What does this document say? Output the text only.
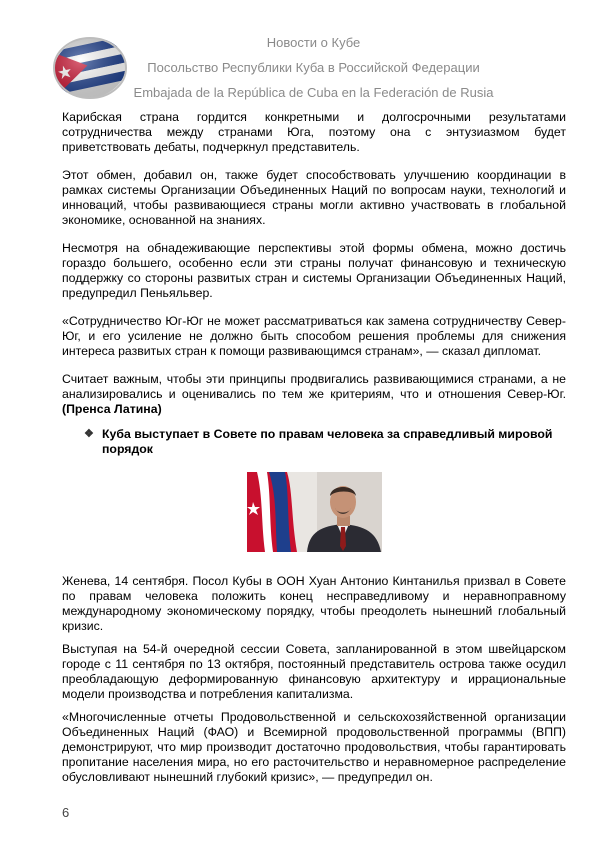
Новости о Кубе
Посольство Республики Куба в Российской Федерации
Embajada de la República de Cuba en la Federación de Rusia

Карибская страна гордится конкретными и долгосрочными результатами сотрудничества между странами Юга, поэтому она с энтузиазмом будет приветствовать дебаты, подчеркнул представитель.

Этот обмен, добавил он, также будет способствовать улучшению координации в рамках системы Организации Объединенных Наций по вопросам науки, технологий и инноваций, чтобы развивающиеся страны могли активно участвовать в глобальной экономике, основанной на знаниях.

Несмотря на обнадеживающие перспективы этой формы обмена, можно достичь гораздо большего, особенно если эти страны получат финансовую и техническую поддержку со стороны развитых стран и системы Организации Объединенных Наций, предупредил Пеньяльвер.

«Сотрудничество Юг-Юг не может рассматриваться как замена сотрудничеству Север-Юг, и его усиление не должно быть способом решения проблемы для снижения интереса развитых стран к помощи развивающимся странам», — сказал дипломат.

Считает важным, чтобы эти принципы продвигались развивающимися странами, а не анализировались и оценивались по тем же критериям, что и отношения Север-Юг. (Пренса Латина)

❖ Куба выступает в Совете по правам человека за справедливый мировой порядок

Женева, 14 сентября. Посол Кубы в ООН Хуан Антонио Кинтанилья призвал в Совете по правам человека положить конец несправедливому и неравноправному международному экономическому порядку, чтобы преодолеть нынешний глобальный кризис.

Выступая на 54-й очередной сессии Совета, запланированной в этом швейцарском городе с 11 сентября по 13 октября, постоянный представитель острова также осудил преобладающую деформированную финансовую архитектуру и иррациональные модели производства и потребления капитализма.

«Многочисленные отчеты Продовольственной и сельскохозяйственной организации Объединенных Наций (ФАО) и Всемирной продовольственной программы (ВПП) демонстрируют, что мир производит достаточно продовольствия, чтобы гарантировать пропитание населения мира, но его расточительство и неравномерное распределение обусловливают нынешний глубокий кризис», — предупредил он.

6
